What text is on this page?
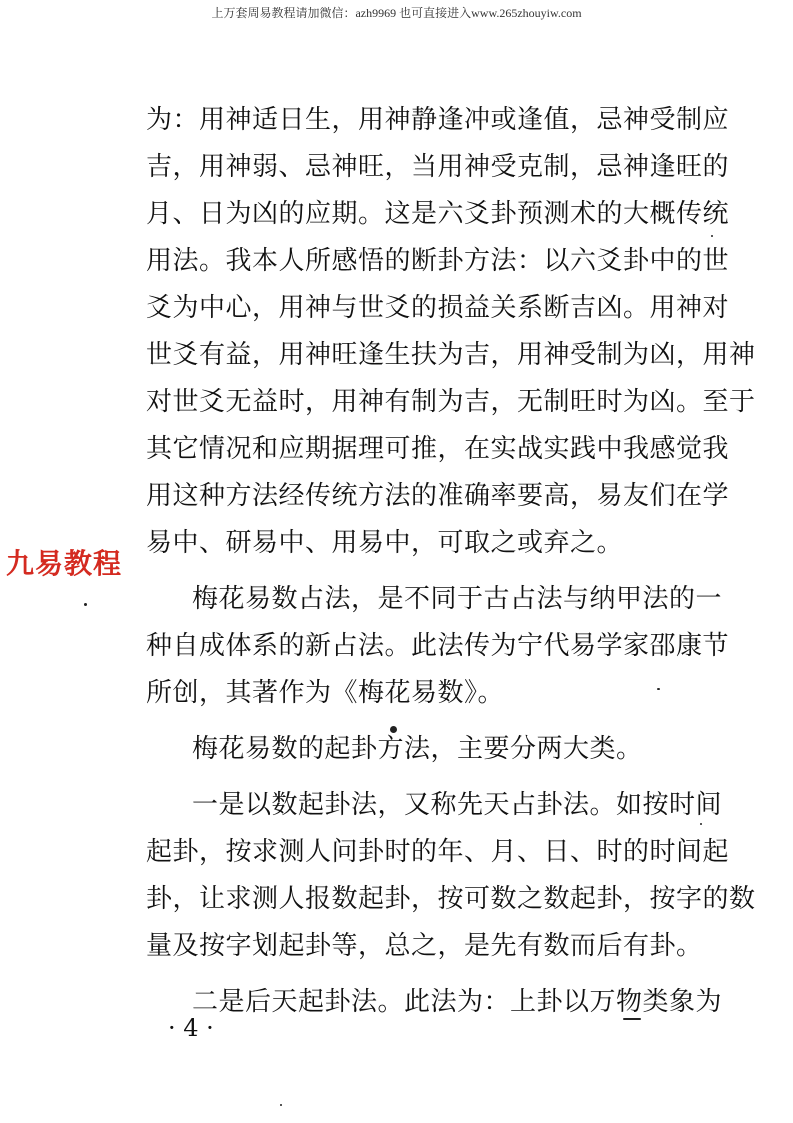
上万套周易教程请加微信：azh9969 也可直接进入www.265zhouyiw.com
九易教程
为：用神适日生，用神静逢冲或逢值，忌神受制应
吉，用神弱、忌神旺，当用神受克制，忌神逢旺的
月、日为凶的应期。这是六爻卦预测术的大概传统
用法。我本人所感悟的断卦方法：以六爻卦中的世
爻为中心，用神与世爻的损益关系断吉凶。用神对
世爻有益，用神旺逢生扶为吉，用神受制为凶，用神
对世爻无益时，用神有制为吉，无制旺时为凶。至于
其它情况和应期据理可推，在实战实践中我感觉我
用这种方法经传统方法的准确率要高，易友们在学
易中、研易中、用易中，可取之或弃之。
梅花易数占法，是不同于古占法与纳甲法的一
种自成体系的新占法。此法传为宁代易学家邵康节
所创，其著作为《梅花易数》。
梅花易数的起卦方法，主要分两大类。
一是以数起卦法，又称先天占卦法。如按时间
起卦，按求测人问卦时的年、月、日、时的时间起
卦，让求测人报数起卦，按可数之数起卦，按字的数
量及按字划起卦等，总之，是先有数而后有卦。
二是后天起卦法。此法为：上卦以万物类象为
· 4 ·
